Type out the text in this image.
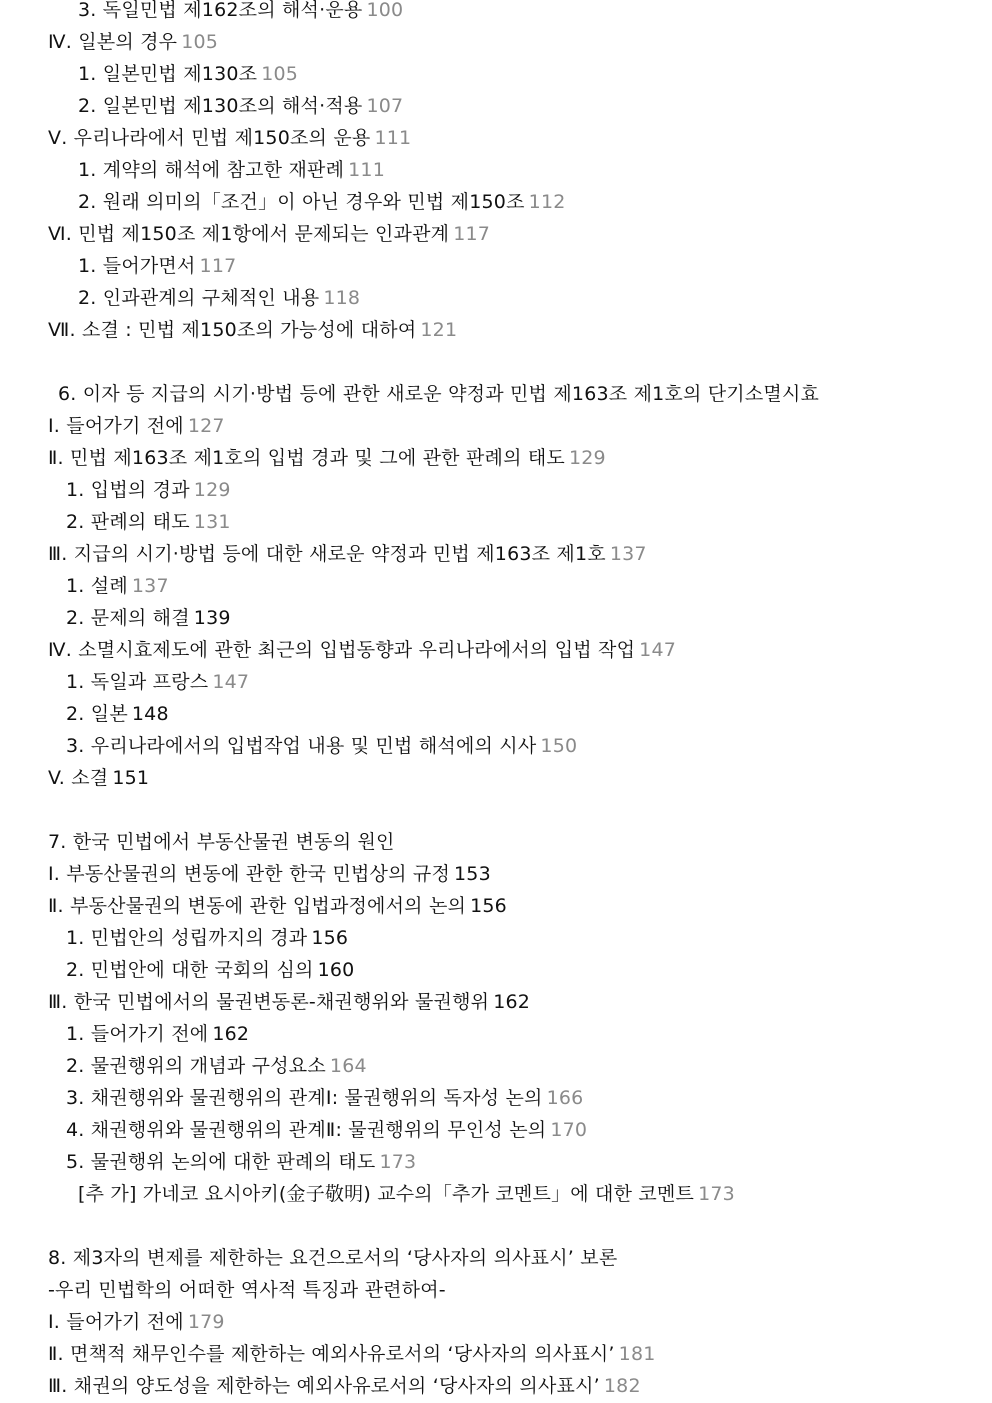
3. 독일민법 제162조의 해석·운용 100
Ⅳ. 일본의 경우 105
1. 일본민법 제130조 105
2. 일본민법 제130조의 해석·적용 107
Ⅴ. 우리나라에서 민법 제150조의 운용 111
1. 계약의 해석에 참고한 재판례 111
2. 원래 의미의「조건」이 아닌 경우와 민법 제150조 112
Ⅵ. 민법 제150조 제1항에서 문제되는 인과관계 117
1. 들어가면서 117
2. 인과관계의 구체적인 내용 118
Ⅶ. 소결 : 민법 제150조의 가능성에 대하여 121
6. 이자 등 지급의 시기·방법 등에 관한 새로운 약정과 민법 제163조 제1호의 단기소멸시효
Ⅰ. 들어가기 전에 127
Ⅱ. 민법 제163조 제1호의 입법 경과 및 그에 관한 판례의 태도 129
1. 입법의 경과 129
2. 판례의 태도 131
Ⅲ. 지급의 시기·방법 등에 대한 새로운 약정과 민법 제163조 제1호 137
1. 설례 137
2. 문제의 해결 139
Ⅳ. 소멸시효제도에 관한 최근의 입법동향과 우리나라에서의 입법 작업 147
1. 독일과 프랑스 147
2. 일본 148
3. 우리나라에서의 입법작업 내용 및 민법 해석에의 시사 150
V. 소결 151
7. 한국 민법에서 부동산물권 변동의 원인
Ⅰ. 부동산물권의 변동에 관한 한국 민법상의 규정 153
Ⅱ. 부동산물권의 변동에 관한 입법과정에서의 논의 156
1. 민법안의 성립까지의 경과 156
2. 민법안에 대한 국회의 심의 160
Ⅲ. 한국 민법에서의 물권변동론-채권행위와 물권행위 162
1. 들어가기 전에 162
2. 물권행위의 개념과 구성요소 164
3. 채권행위와 물권행위의 관계Ⅰ: 물권행위의 독자성 논의 166
4. 채권행위와 물권행위의 관계Ⅱ: 물권행위의 무인성 논의 170
5. 물권행위 논의에 대한 판례의 태도 173
[추 가] 가네코 요시아키(金子敬明) 교수의「추가 코멘트」에 대한 코멘트 173
8. 제3자의 변제를 제한하는 요건으로서의 ‘당사자의 의사표시’ 보론
-우리 민법학의 어떠한 역사적 특징과 관련하여-
Ⅰ. 들어가기 전에 179
Ⅱ. 면책적 채무인수를 제한하는 예외사유로서의 ‘당사자의 의사표시’ 181
Ⅲ. 채권의 양도성을 제한하는 예외사유로서의 ‘당사자의 의사표시’ 182
